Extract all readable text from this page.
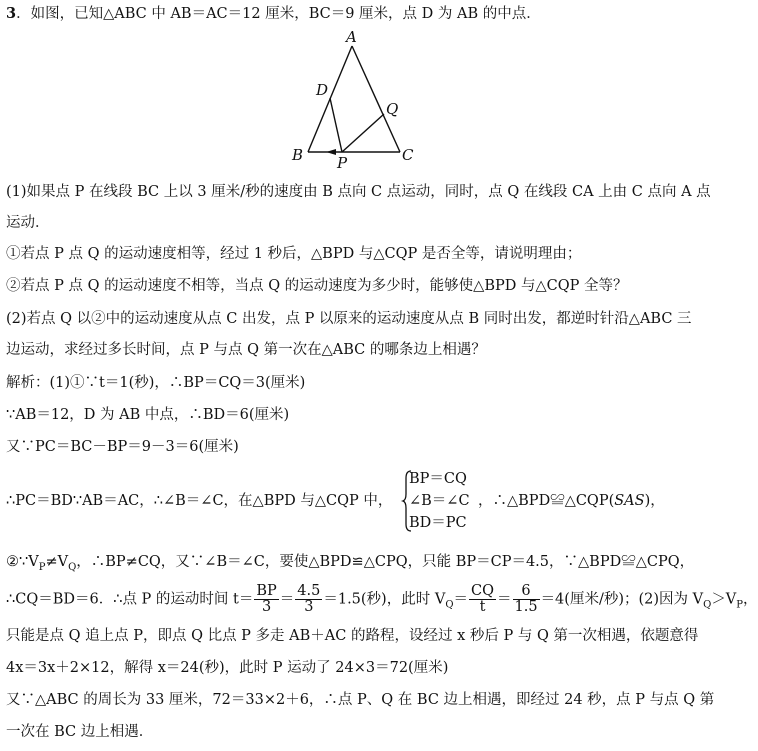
3．如图，已知△ABC 中 AB＝AC＝12 厘米，BC＝9 厘米，点 D 为 AB 的中点．
A
D
Q
B P	C
(1)如果点 P 在线段 BC 上以 3 厘米/秒的速度由 B 点向 C 点运动，同时，点 Q 在线段 CA 上由 C 点向 A 点
运动．
①若点 P 点 Q 的运动速度相等，经过 1 秒后，△BPD 与△CQP 是否全等，请说明理由；
②若点 P 点 Q 的运动速度不相等，当点 Q 的运动速度为多少时，能够使△BPD 与△CQP 全等？
(2)若点 Q 以②中的运动速度从点 C 出发，点 P 以原来的运动速度从点 B 同时出发，都逆时针沿△ABC 三
边运动，求经过多长时间，点 P 与点 Q 第一次在△ABC 的哪条边上相遇？
解析：(1)①∵t＝1(秒)，∴BP＝CQ＝3(厘米)
∵AB＝12，D 为 AB 中点，∴BD＝6(厘米)
又∵PC＝BC－BP＝9－3＝6(厘米)
∴PC＝BD∵AB＝AC，∴∠B＝∠C，在△BPD 与△CQP 中，
BP＝CQ
∠B＝∠C
BD＝PC
，∴△BPD≌△CQP(SAS)，
$②\because V_P\ne V_Q$，∴BP≠CQ，又∵∠B＝∠C，要使△BPD≌△CPQ，只能 BP＝CP＝4.5，∵△BPD≌△CPQ，
∴CQ＝BD＝6．∴点 P 的运动时间 $t= \frac{BP}{3} = \frac{4.5}{3} =1.5$(秒)，此时 $V_Q= \frac{CQ}{t} = \frac{6}{1.5} =4$(厘米/秒)；(2)因为 $V_Q>V_P$，
只能是点 Q 追上点 P，即点 Q 比点 P 多走 AB＋AC 的路程，设经过 x 秒后 P 与 Q 第一次相遇，依题意得
4x＝3x＋2×12，解得 x＝24(秒)，此时 P 运动了 24×3＝72(厘米)
又∵△ABC 的周长为 33 厘米，72＝33×2＋6，∴点 P、Q 在 BC 边上相遇，即经过 24 秒，点 P 与点 Q 第
一次在 BC 边上相遇．
